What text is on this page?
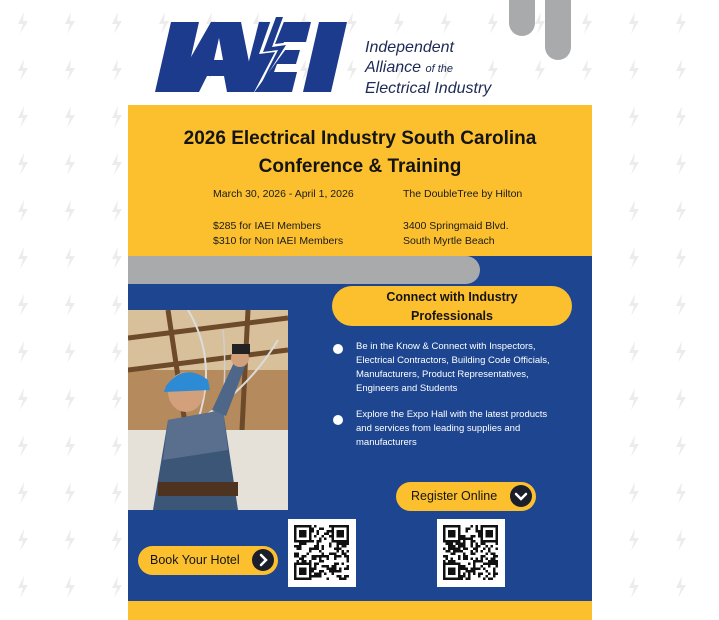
Independent
Alliance of the
Electrical Industry
2026 Electrical Industry South Carolina
Conference & Training
March 30, 2026 - April 1, 2026	The DoubleTree by Hilton
$285 for IAEI Members
$310 for Non IAEI Members
3400 Springmaid Blvd.
South Myrtle Beach
Connect with Industry
Professionals
Be in the Know & Connect with Inspectors,
Electrical Contractors, Building Code Officials,
Manufacturers, Product Representatives,
Engineers and Students
Explore the Expo Hall with the latest products
and services from leading supplies and
manufacturers
Register Online
Book Your Hotel
